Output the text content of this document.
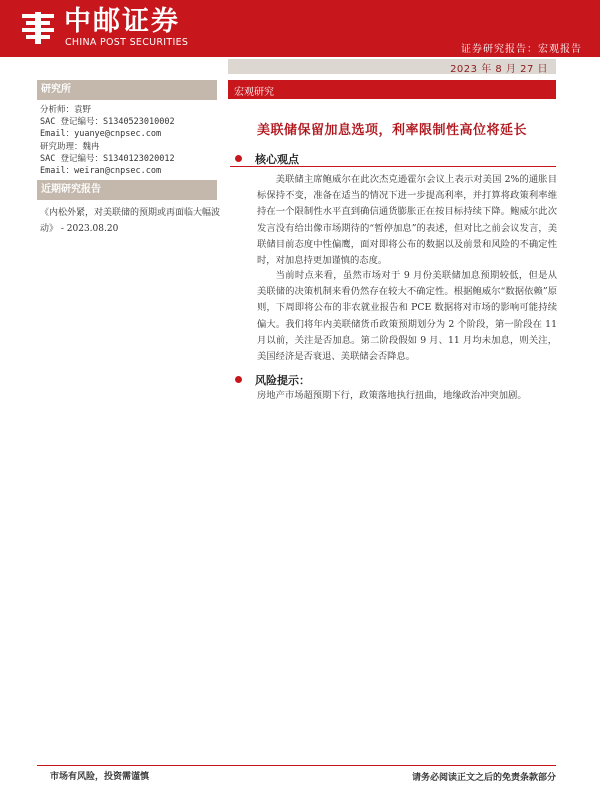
中邮证券
CHINA POST SECURITIES
证券研究报告：宏观报告
2023 年 8 月 27 日
研究所
分析师：袁野
SAC 登记编号：S1340523010002
Email：yuanye@cnpsec.com
研究助理：魏冉
SAC 登记编号：S1340123020012
Email：weiran@cnpsec.com
近期研究报告
《内松外紧，对美联储的预期或再面临大幅波动》 - 2023.08.20
宏观研究
美联储保留加息选项，利率限制性高位将延长
核心观点
美联储主席鲍威尔在此次杰克逊霍尔会议上表示对美国 2%的通胀目标保持不变，准备在适当的情况下进一步提高利率，并打算将政策利率维持在一个限制性水平直到确信通货膨胀正在按目标持续下降。鲍威尔此次发言没有给出像市场期待的“暂停加息”的表述，但对比之前会议发言，美联储目前态度中性偏鹰，面对即将公布的数据以及前景和风险的不确定性时，对加息持更加谨慎的态度。
当前时点来看，虽然市场对于 9 月份美联储加息预期较低，但是从美联储的决策机制来看仍然存在较大不确定性。根据鲍威尔“数据依赖”原则，下周即将公布的非农就业报告和 PCE 数据将对市场的影响可能持续偏大。我们将年内美联储货币政策预期划分为 2 个阶段，第一阶段在 11 月以前，关注是否加息。第二阶段假如 9 月、11 月均未加息，则关注，美国经济是否衰退、美联储会否降息。
风险提示：
房地产市场超预期下行，政策落地执行扭曲，地缘政治冲突加剧。
市场有风险，投资需谨慎	请务必阅读正文之后的免责条款部分
